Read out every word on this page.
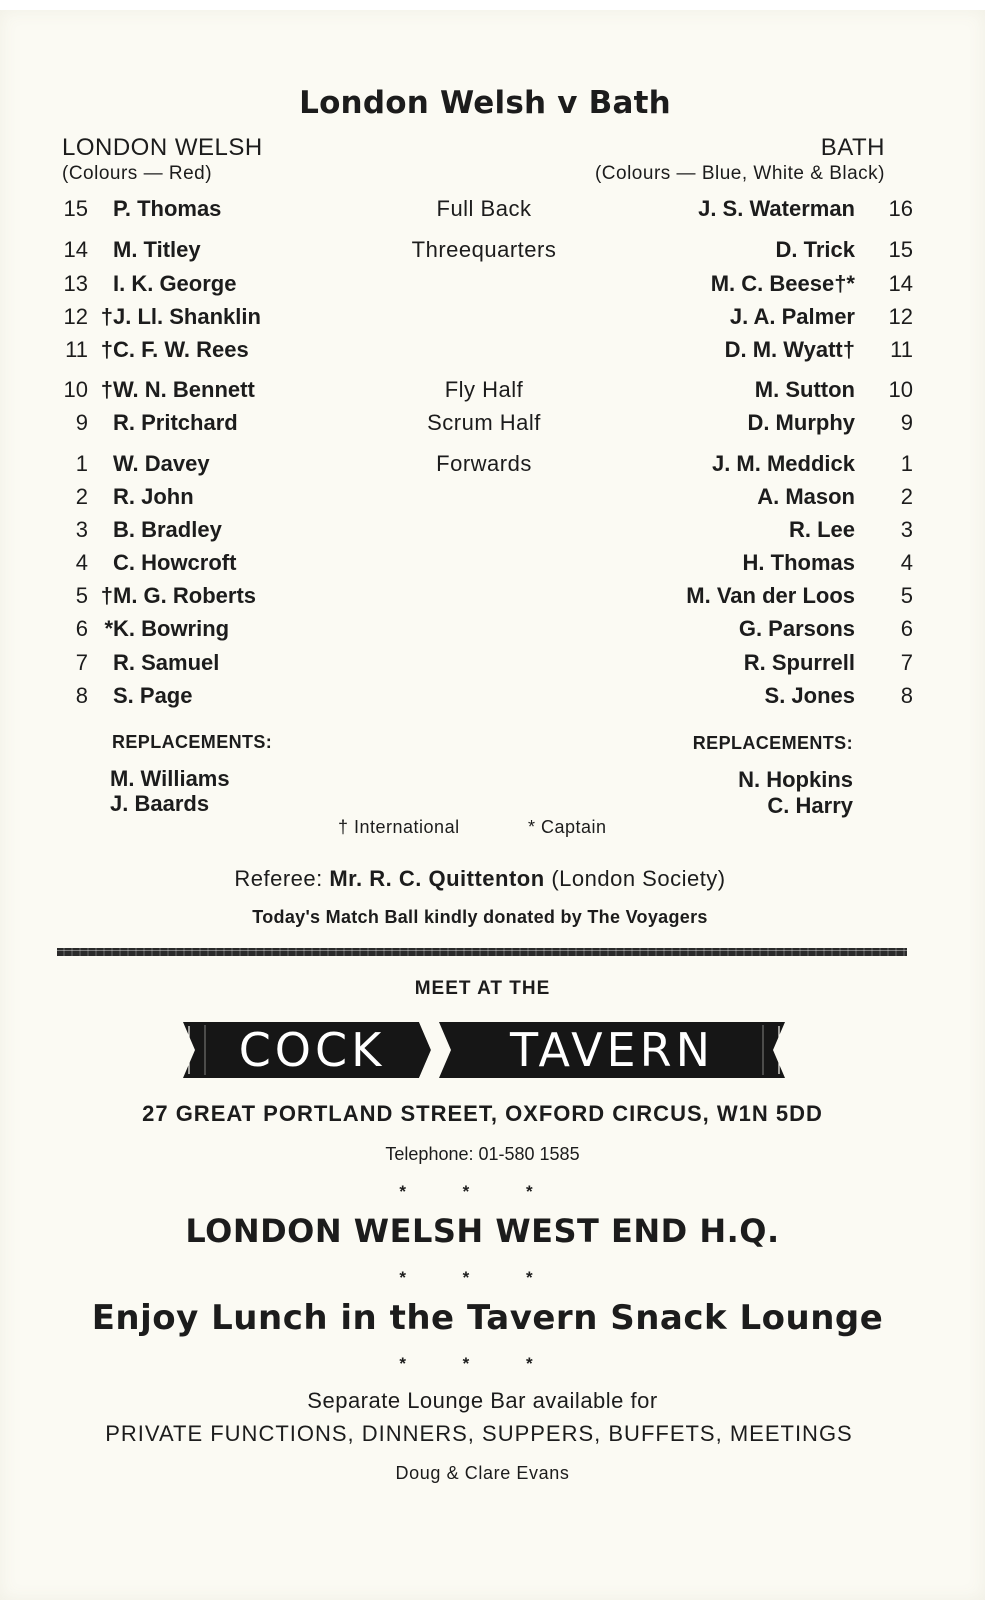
London Welsh v Bath
LONDON WELSH	BATH
(Colours — Red)	(Colours — Blue, White & Black)
15	P. Thomas	Full Back	J. S. Waterman	16
14	M. Titley	Threequarters	D. Trick	15
13	I. K. George	M. C. Beese†*	14
12 †J. Ll. Shanklin	J. A. Palmer	12
11 †C. F. W. Rees	D. M. Wyatt†	11
10 †W. N. Bennett	Fly Half	M. Sutton	10
9	R. Pritchard	Scrum Half	D. Murphy	9
1	W. Davey	Forwards	J. M. Meddick	1
2	R. John	A. Mason	2
3	B. Bradley	R. Lee	3
4	C. Howcroft	H. Thomas	4
5 †M. G. Roberts	M. Van der Loos	5
6 *K. Bowring	G. Parsons	6
7	R. Samuel	R. Spurrell	7
8	S. Page	S. Jones	8
REPLACEMENTS:	REPLACEMENTS:
M. Williams
J. Baards
N. Hopkins
C. Harry
† International	* Captain
Referee: Mr. R. C. Quittenton (London Society)
Today's Match Ball kindly donated by The Voyagers
MEET AT THE
COCK	TAVERN
27 GREAT PORTLAND STREET, OXFORD CIRCUS, W1N 5DD
Telephone: 01-580 1585
* * *
LONDON WELSH WEST END H.Q.
* * *
Enjoy Lunch in the Tavern Snack Lounge
* * *
Separate Lounge Bar available for
PRIVATE FUNCTIONS, DINNERS, SUPPERS, BUFFETS, MEETINGS
Doug & Clare Evans
